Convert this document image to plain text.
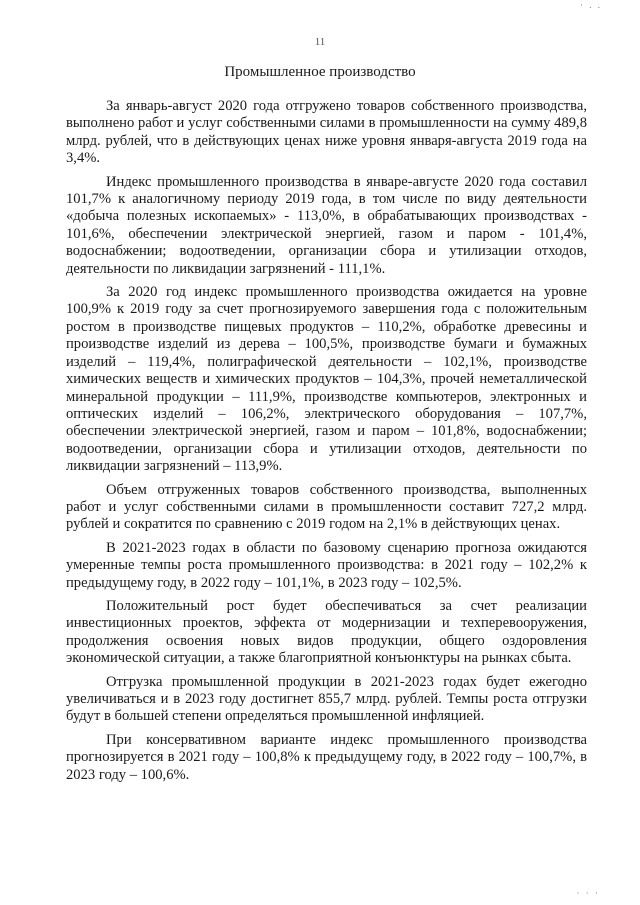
· . .
11
Промышленное производство

За январь-август 2020 года отгружено товаров собственного производства, выполнено работ и услуг собственными силами в промышленности на сумму 489,8 млрд. рублей, что в действующих ценах ниже уровня января-августа 2019 года на 3,4%.

Индекс промышленного производства в январе-августе 2020 года составил 101,7% к аналогичному периоду 2019 года, в том числе по виду деятельности «добыча полезных ископаемых» - 113,0%, в обрабатывающих производствах - 101,6%, обеспечении электрической энергией, газом и паром - 101,4%, водоснабжении; водоотведении, организации сбора и утилизации отходов, деятельности по ликвидации загрязнений - 111,1%.

За 2020 год индекс промышленного производства ожидается на уровне 100,9% к 2019 году за счет прогнозируемого завершения года с положительным ростом в производстве пищевых продуктов – 110,2%, обработке древесины и производстве изделий из дерева – 100,5%, производстве бумаги и бумажных изделий – 119,4%, полиграфической деятельности – 102,1%, производстве химических веществ и химических продуктов – 104,3%, прочей неметаллической минеральной продукции – 111,9%, производстве компьютеров, электронных и оптических изделий – 106,2%, электрического оборудования – 107,7%, обеспечении электрической энергией, газом и паром – 101,8%, водоснабжении; водоотведении, организации сбора и утилизации отходов, деятельности по ликвидации загрязнений – 113,9%.

Объем отгруженных товаров собственного производства, выполненных работ и услуг собственными силами в промышленности составит 727,2 млрд. рублей и сократится по сравнению с 2019 годом на 2,1% в действующих ценах.

В 2021-2023 годах в области по базовому сценарию прогноза ожидаются умеренные темпы роста промышленного производства: в 2021 году – 102,2% к предыдущему году, в 2022 году – 101,1%, в 2023 году – 102,5%.

Положительный рост будет обеспечиваться за счет реализации инвестиционных проектов, эффекта от модернизации и техперевооружения, продолжения освоения новых видов продукции, общего оздоровления экономической ситуации, а также благоприятной конъюнктуры на рынках сбыта.

Отгрузка промышленной продукции в 2021-2023 годах будет ежегодно увеличиваться и в 2023 году достигнет 855,7 млрд. рублей. Темпы роста отгрузки будут в большей степени определяться промышленной инфляцией.

При консервативном варианте индекс промышленного производства прогнозируется в 2021 году – 100,8% к предыдущему году, в 2022 году – 100,7%, в 2023 году – 100,6%.

· · ·
